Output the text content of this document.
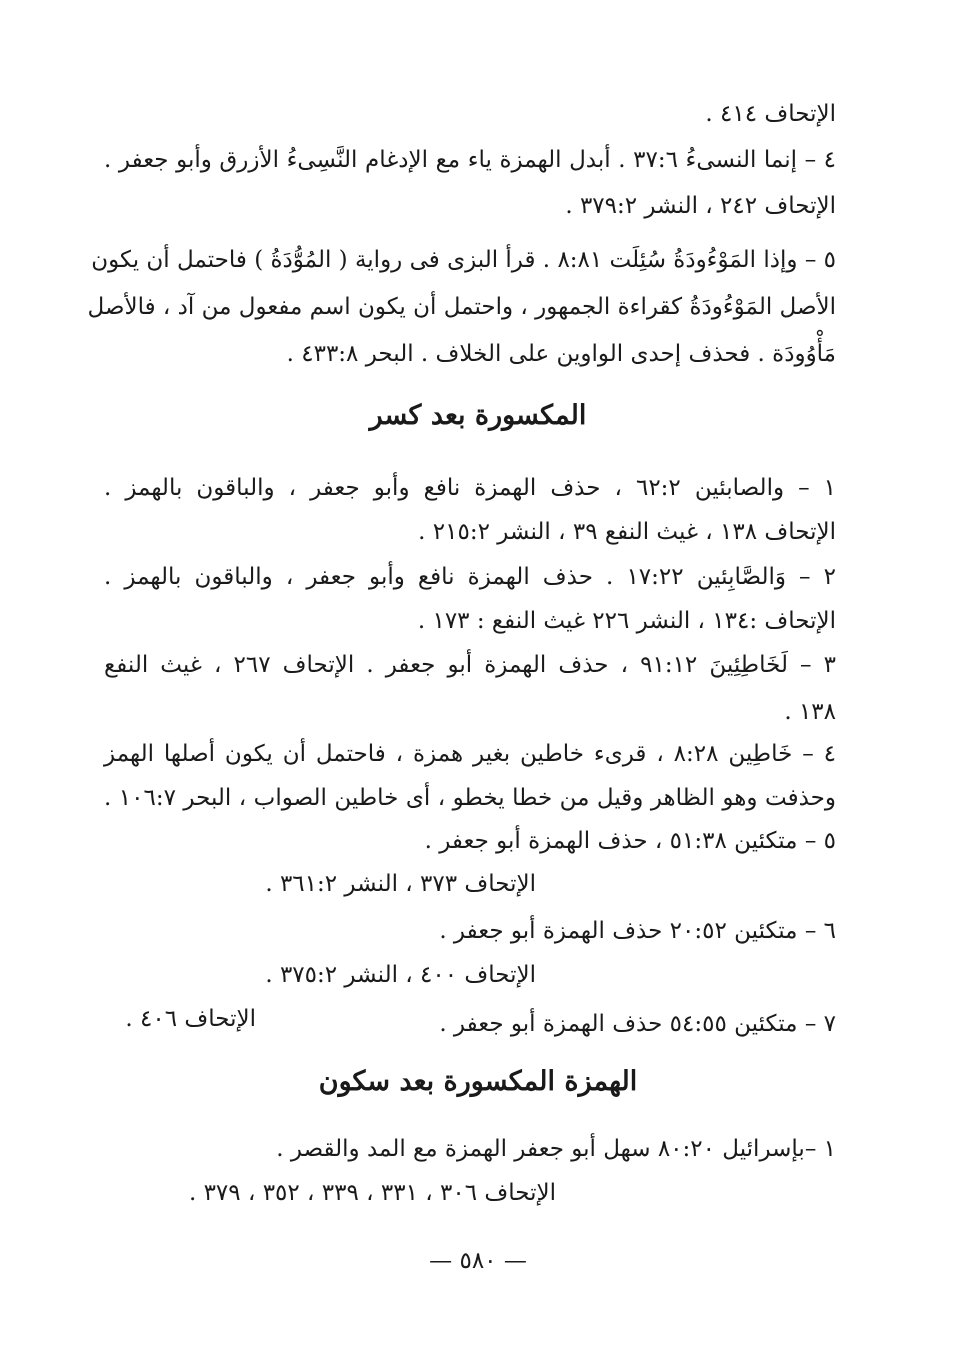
الإتحاف ٤١٤ .
٤ – إنما النسىءُ ٣٧:٦ . أبدل الهمزة ياء مع الإدغام النَّسِىءُ الأزرق وأبو جعفر .
الإتحاف ٢٤٢ ، النشر ٣٧٩:٢ .
٥ – وإذا المَوْءُودَةُ سُئِلَت ٨:٨١ . قرأ البزى فى رواية ( المُوُّدَةُ ) فاحتمل أن يكون
الأصل المَوْءُودَةُ كقراءة الجمهور ، واحتمل أن يكون اسم مفعول من آد ، فالأصل
مَأْوُودَة . فحذف إحدى الواوين على الخلاف . البحر ٤٣٣:٨ .
المكسورة بعد كسر
١ – والصابئين ٦٢:٢ ، حذف الهمزة نافع وأبو جعفر ، والباقون بالهمز .
الإتحاف ١٣٨ ، غيث النفع ٣٩ ، النشر ٢١٥:٢ .
٢ – وَالصَّابِئين ١٧:٢٢ . حذف الهمزة نافع وأبو جعفر ، والباقون بالهمز .
الإتحاف :١٣٤ ، النشر ٢٢٦ غيث النفع : ١٧٣ .
٣ – لَخَاطِئِينَ ٩١:١٢ ، حذف الهمزة أبو جعفر . الإتحاف ٢٦٧ ، غيث النفع
١٣٨ .
٤ – خَاطِين ٨:٢٨ ، قرىء خاطين بغير همزة ، فاحتمل أن يكون أصلها الهمز
وحذفت وهو الظاهر وقيل من خطا يخطو ، أى خاطين الصواب ، البحر ١٠٦:٧ .
٥ – متكئين ٥١:٣٨ ، حذف الهمزة أبو جعفر .
الإتحاف ٣٧٣ ، النشر ٣٦١:٢ .
٦ – متكئين ٢٠:٥٢ حذف الهمزة أبو جعفر .
الإتحاف ٤٠٠ ، النشر ٣٧٥:٢ .
٧ – متكئين ٥٤:٥٥ حذف الهمزة أبو جعفر .
الإتحاف ٤٠٦ .
الهمزة المكسورة بعد سكون
١ –بإسرائيل ٨٠:٢٠ سهل أبو جعفر الهمزة مع المد والقصر .
الإتحاف ٣٠٦ ، ٣٣١ ، ٣٣٩ ، ٣٥٢ ، ٣٧٩ .
— ٥٨٠ —
